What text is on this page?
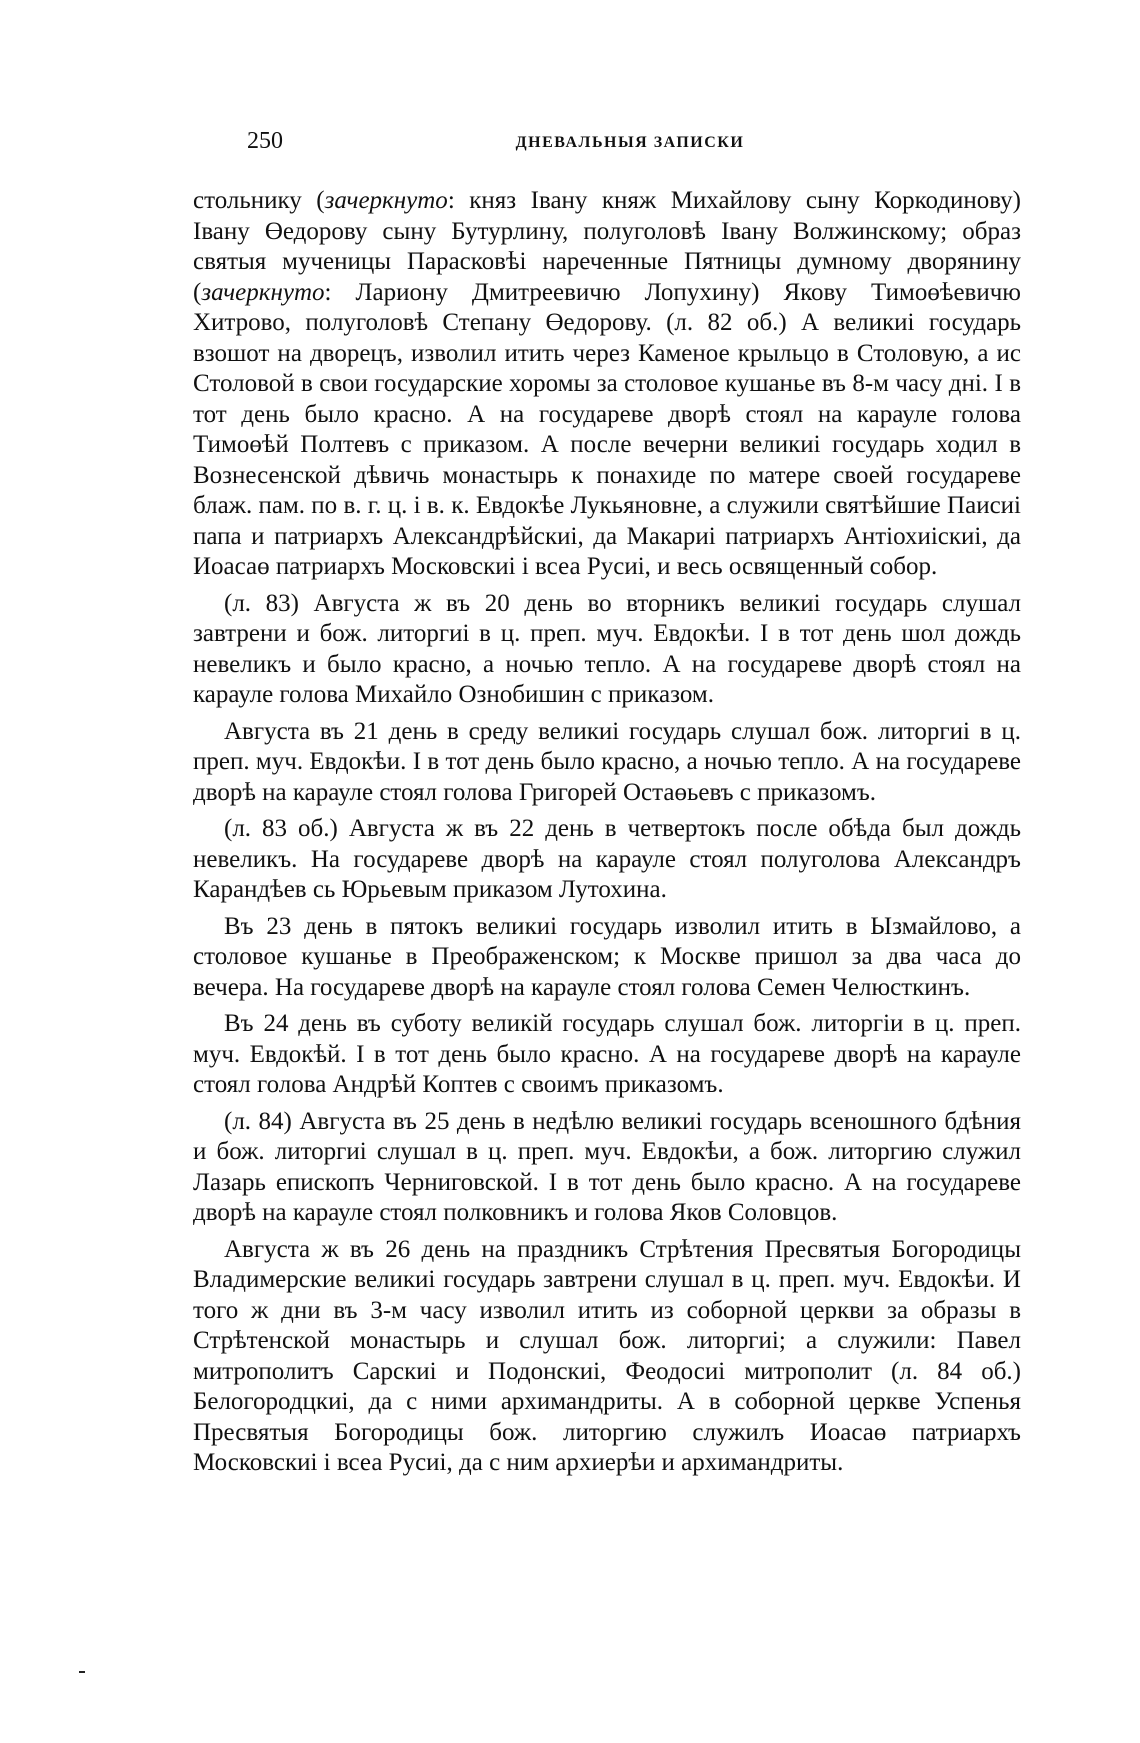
250	ДНЕВАЛЬНЫЯ ЗАПИСКИ

стольнику (зачеркнуто: княз Івану княж Михайлову сыну Коркодинову) Івану Өедорову сыну Бутурлину, полуголовѣ Івану Волжинскому; образ святыя мученицы Парасковѣі нареченные Пятницы думному дворянину (зачеркнуто: Лариону Дмитреевичю Лопухину) Якову Тимоөѣевичю Хитрово, полуголовѣ Степану Өедорову. (л. 82 об.) А великиі государь взошот на дворецъ, изволил итить через Каменое крыльцо в Столовую, а ис Столовой в свои государские хоромы за столовое кушанье въ 8-м часу дні. І в тот день было красно. А на государеве дворѣ стоял на карауле голова Тимоөѣй Полтевъ с приказом. А после вечерни великиі государь ходил в Вознесенской дѣвичь монастырь к понахиде по матере своей государеве блаж. пам. по в. г. ц. і в. к. Евдокѣе Лукьяновне, а служили святѣйшие Паисиі папа и патриархъ Александрѣйскиі, да Макариі патриархъ Антіохиіскиі, да Иоасаө патриархъ Московскиі і всеа Русиі, и весь освященный собор.

(л. 83) Августа ж въ 20 день во вторникъ великиі государь слушал завтрени и бож. литоргиі в ц. преп. муч. Евдокѣи. І в тот день шол дождь невеликъ и было красно, а ночью тепло. А на государеве дворѣ стоял на карауле голова Михайло Ознобишин с приказом.

Августа въ 21 день в среду великиі государь слушал бож. литоргиі в ц. преп. муч. Евдокѣи. І в тот день было красно, а ночью тепло. А на государеве дворѣ на карауле стоял голова Григорей Остаөьевъ с приказомъ.

(л. 83 об.) Августа ж въ 22 день в четвертокъ после обѣда был дождь невеликъ. На государеве дворѣ на карауле стоял полуголова Александръ Карандѣев сь Юрьевым приказом Лутохина.

Въ 23 день в пятокъ великиі государь изволил итить в Ызмайлово, а столовое кушанье в Преображенском; к Москве пришол за два часа до вечера. На государеве дворѣ на карауле стоял голова Семен Челюсткинъ.

Въ 24 день въ суботу великій государь слушал бож. литоргіи в ц. преп. муч. Евдокѣй. І в тот день было красно. А на государеве дворѣ на карауле стоял голова Андрѣй Коптев с своимъ приказомъ.

(л. 84) Августа въ 25 день в недѣлю великиі государь всеношного бдѣния и бож. литоргиі слушал в ц. преп. муч. Евдокѣи, а бож. литоргию служил Лазарь епископъ Черниговской. І в тот день было красно. А на государеве дворѣ на карауле стоял полковникъ и голова Яков Соловцов.

Августа ж въ 26 день на праздникъ Стрѣтения Пресвятыя Богородицы Владимерские великиі государь завтрени слушал в ц. преп. муч. Евдокѣи. И того ж дни въ 3-м часу изволил итить из соборной церкви за образы в Стрѣтенской монастырь и слушал бож. литоргиі; а служили: Павел митрополитъ Сарскиі и Подонскиі, Феодосиі митрополит (л. 84 об.) Белогородцкиі, да с ними архимандриты. А в соборной церкве Успенья Пресвятыя Богородицы бож. литоргию служилъ Иоасаө патриархъ Московскиі і всеа Русиі, да с ним архиерѣи и архимандриты.
